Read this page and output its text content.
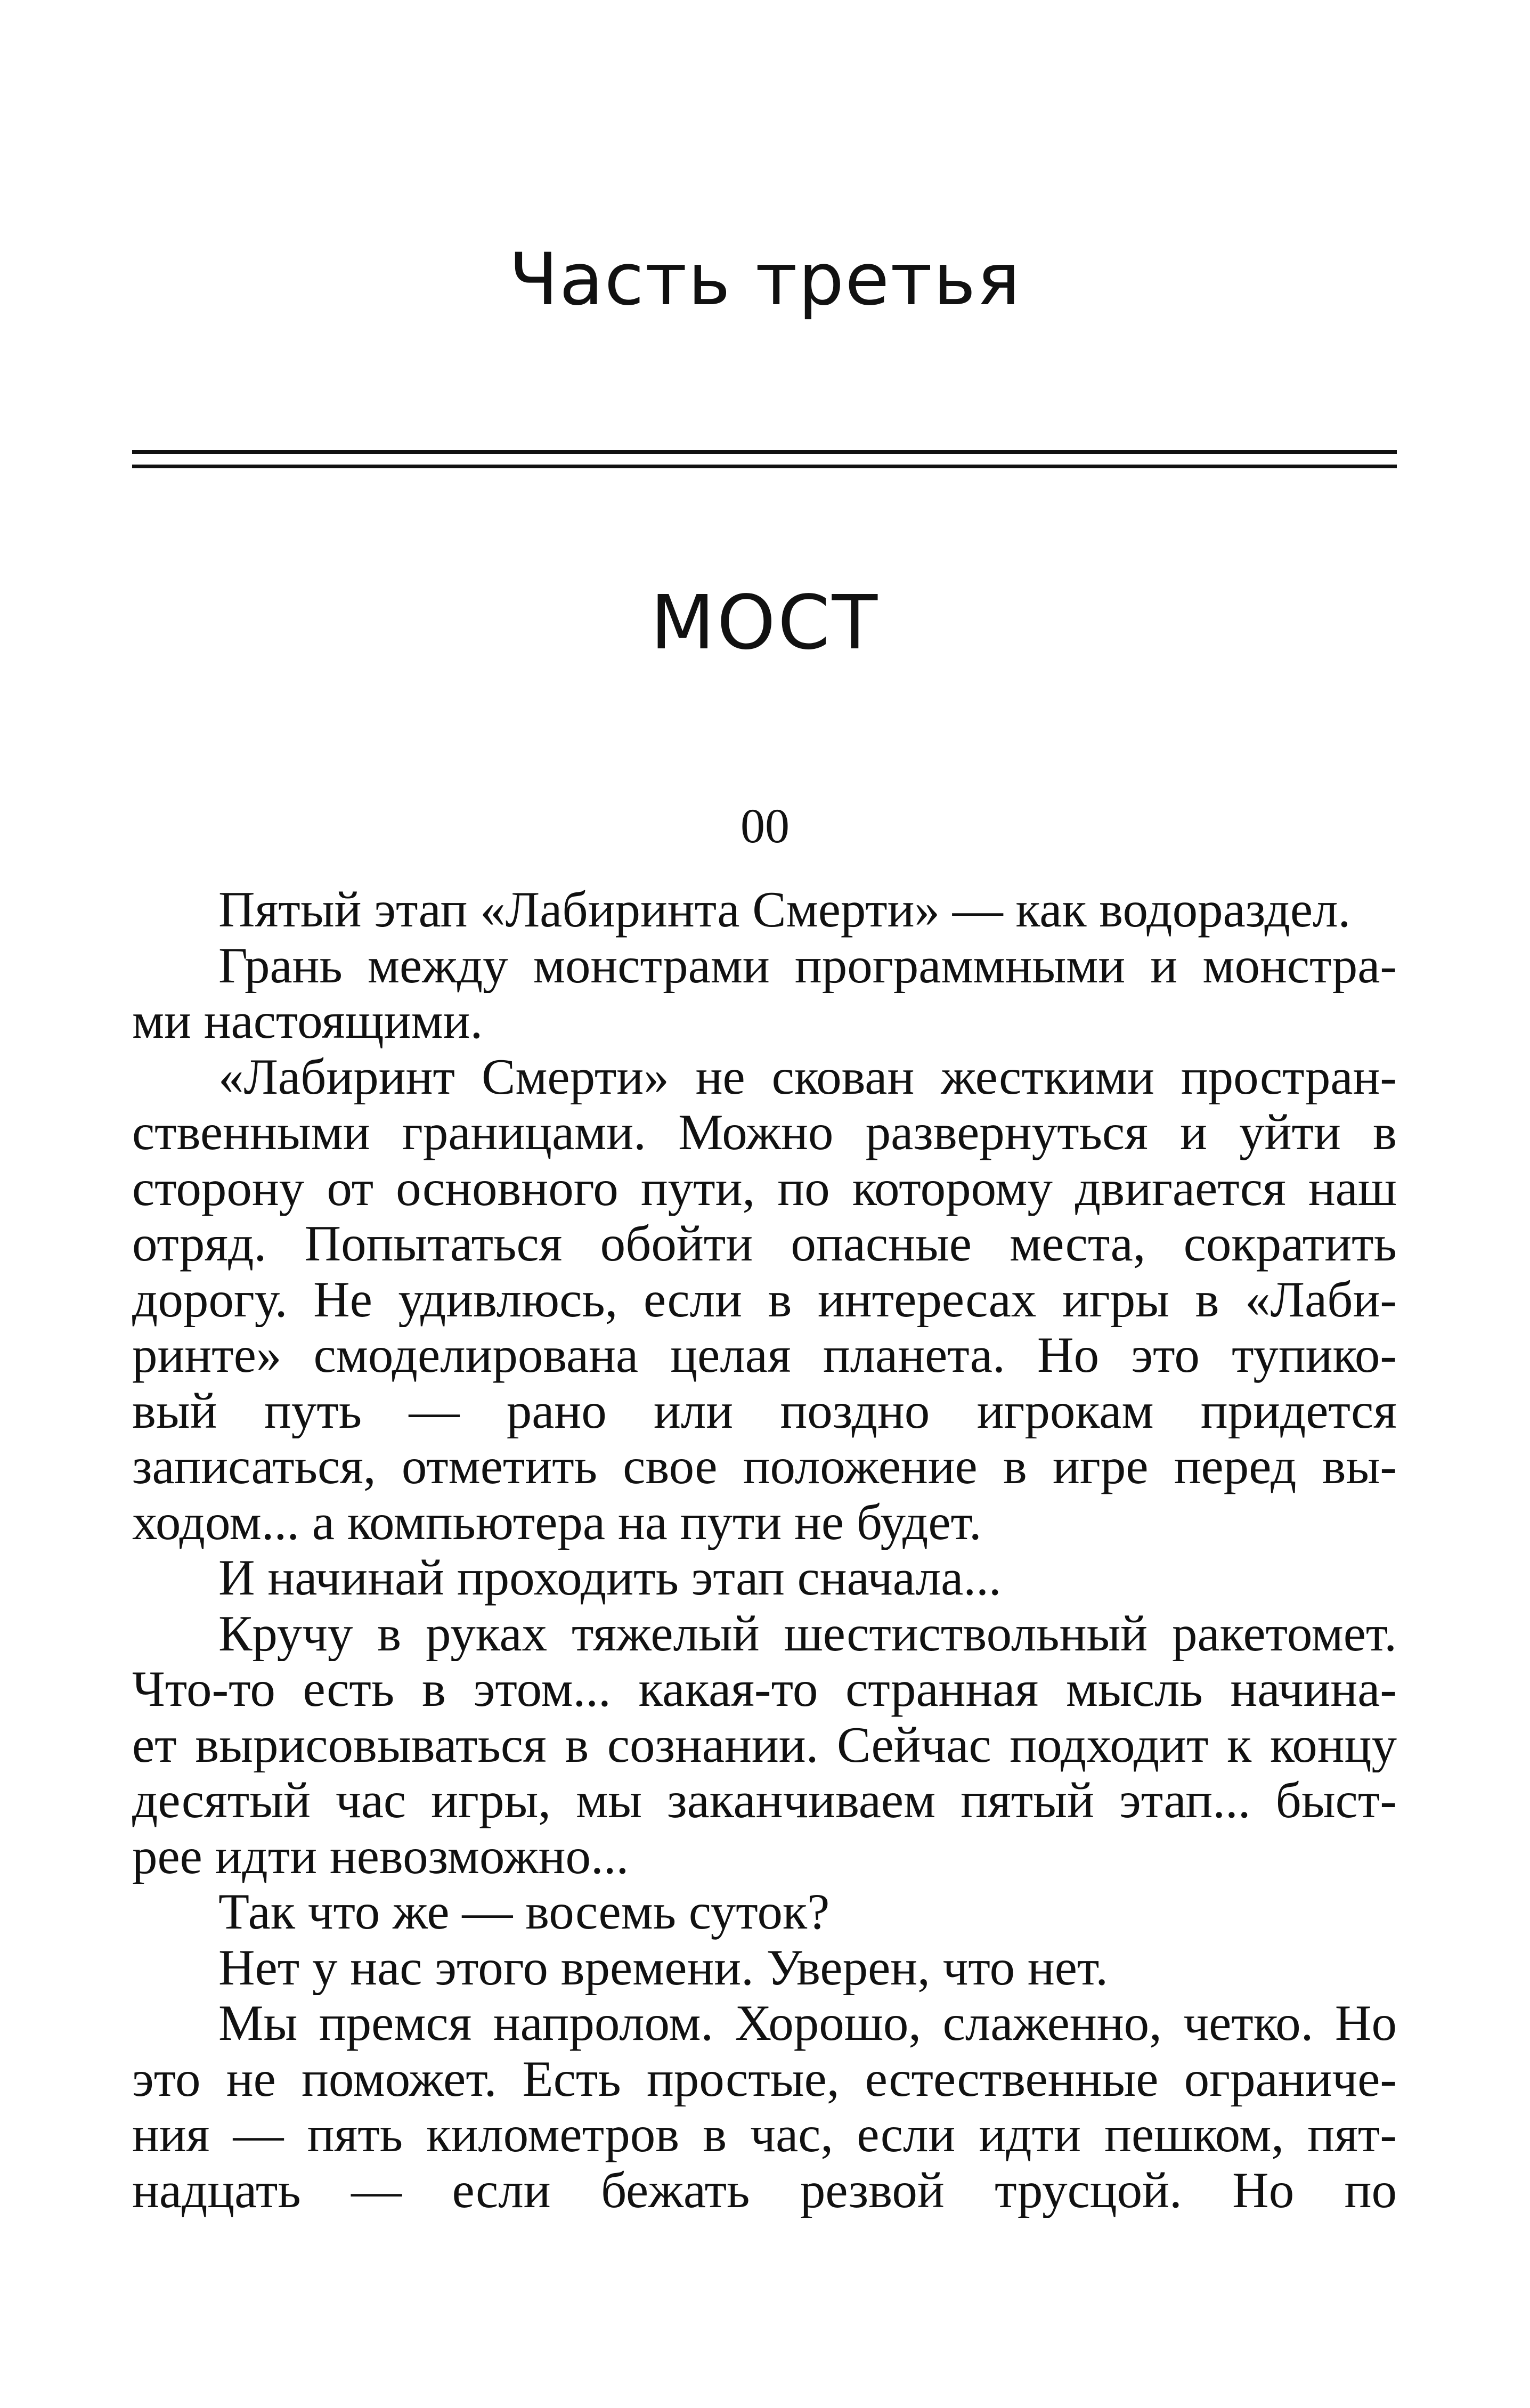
Часть третья
МОСТ
00
Пятый этап «Лабиринта Смерти» — как водораздел.
Грань между монстрами программными и монстра-
ми настоящими.
«Лабиринт Смерти» не скован жесткими простран-
ственными границами. Можно развернуться и уйти в
сторону от основного пути, по которому двигается наш
отряд. Попытаться обойти опасные места, сократить
дорогу. Не удивлюсь, если в интересах игры в «Лаби-
ринте» смоделирована целая планета. Но это тупико-
вый путь — рано или поздно игрокам придется
записаться, отметить свое положение в игре перед вы-
ходом... а компьютера на пути не будет.
И начинай проходить этап сначала...
Кручу в руках тяжелый шестиствольный ракетомет.
Что-то есть в этом... какая-то странная мысль начина-
ет вырисовываться в сознании. Сейчас подходит к концу
десятый час игры, мы заканчиваем пятый этап... быст-
рее идти невозможно...
Так что же — восемь суток?
Нет у нас этого времени. Уверен, что нет.
Мы премся напролом. Хорошо, слаженно, четко. Но
это не поможет. Есть простые, естественные ограниче-
ния — пять километров в час, если идти пешком, пят-
надцать — если бежать резвой трусцой. Но по
